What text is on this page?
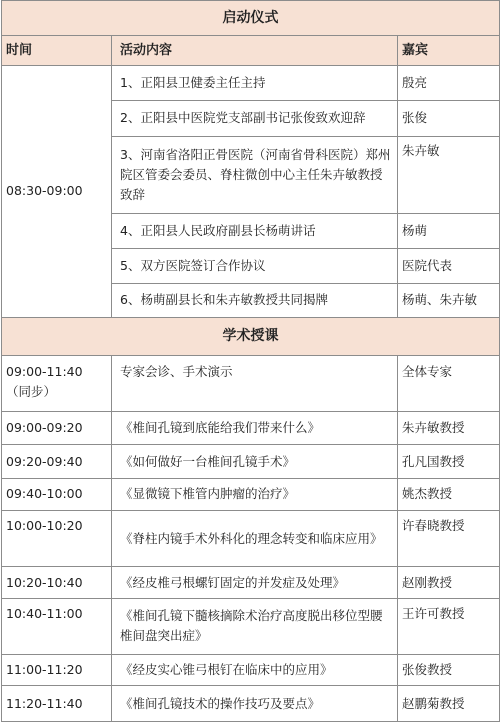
启动仪式		
时间	活动内容	嘉宾
08:30-09:00	1、正阳县卫健委主任主持	殷亮
	2、正阳县中医院党支部副书记张俊致欢迎辞	张俊
	3、河南省洛阳正骨医院（河南省骨科医院）郑州院区管委会委员、脊柱微创中心主任朱卉敏教授致辞	朱卉敏
	4、正阳县人民政府副县长杨萌讲话	杨萌
	5、双方医院签订合作协议	医院代表
	6、杨萌副县长和朱卉敏教授共同揭牌	杨萌、朱卉敏
学术授课		
09:00-11:40（同步）	专家会诊、手术演示	全体专家
09:00-09:20	《椎间孔镜到底能给我们带来什么》	朱卉敏教授
09:20-09:40	《如何做好一台椎间孔镜手术》	孔凡国教授
09:40-10:00	《显微镜下椎管内肿瘤的治疗》	姚杰教授
10:00-10:20	《脊柱内镜手术外科化的理念转变和临床应用》	许春晓教授
10:20-10:40	《经皮椎弓根螺钉固定的并发症及处理》	赵刚教授
10:40-11:00	《椎间孔镜下髓核摘除术治疗高度脱出移位型腰椎间盘突出症》	王许可教授
11:00-11:20	《经皮实心锥弓根钉在临床中的应用》	张俊教授
11:20-11:40	《椎间孔镜技术的操作技巧及要点》	赵鹏菊教授
